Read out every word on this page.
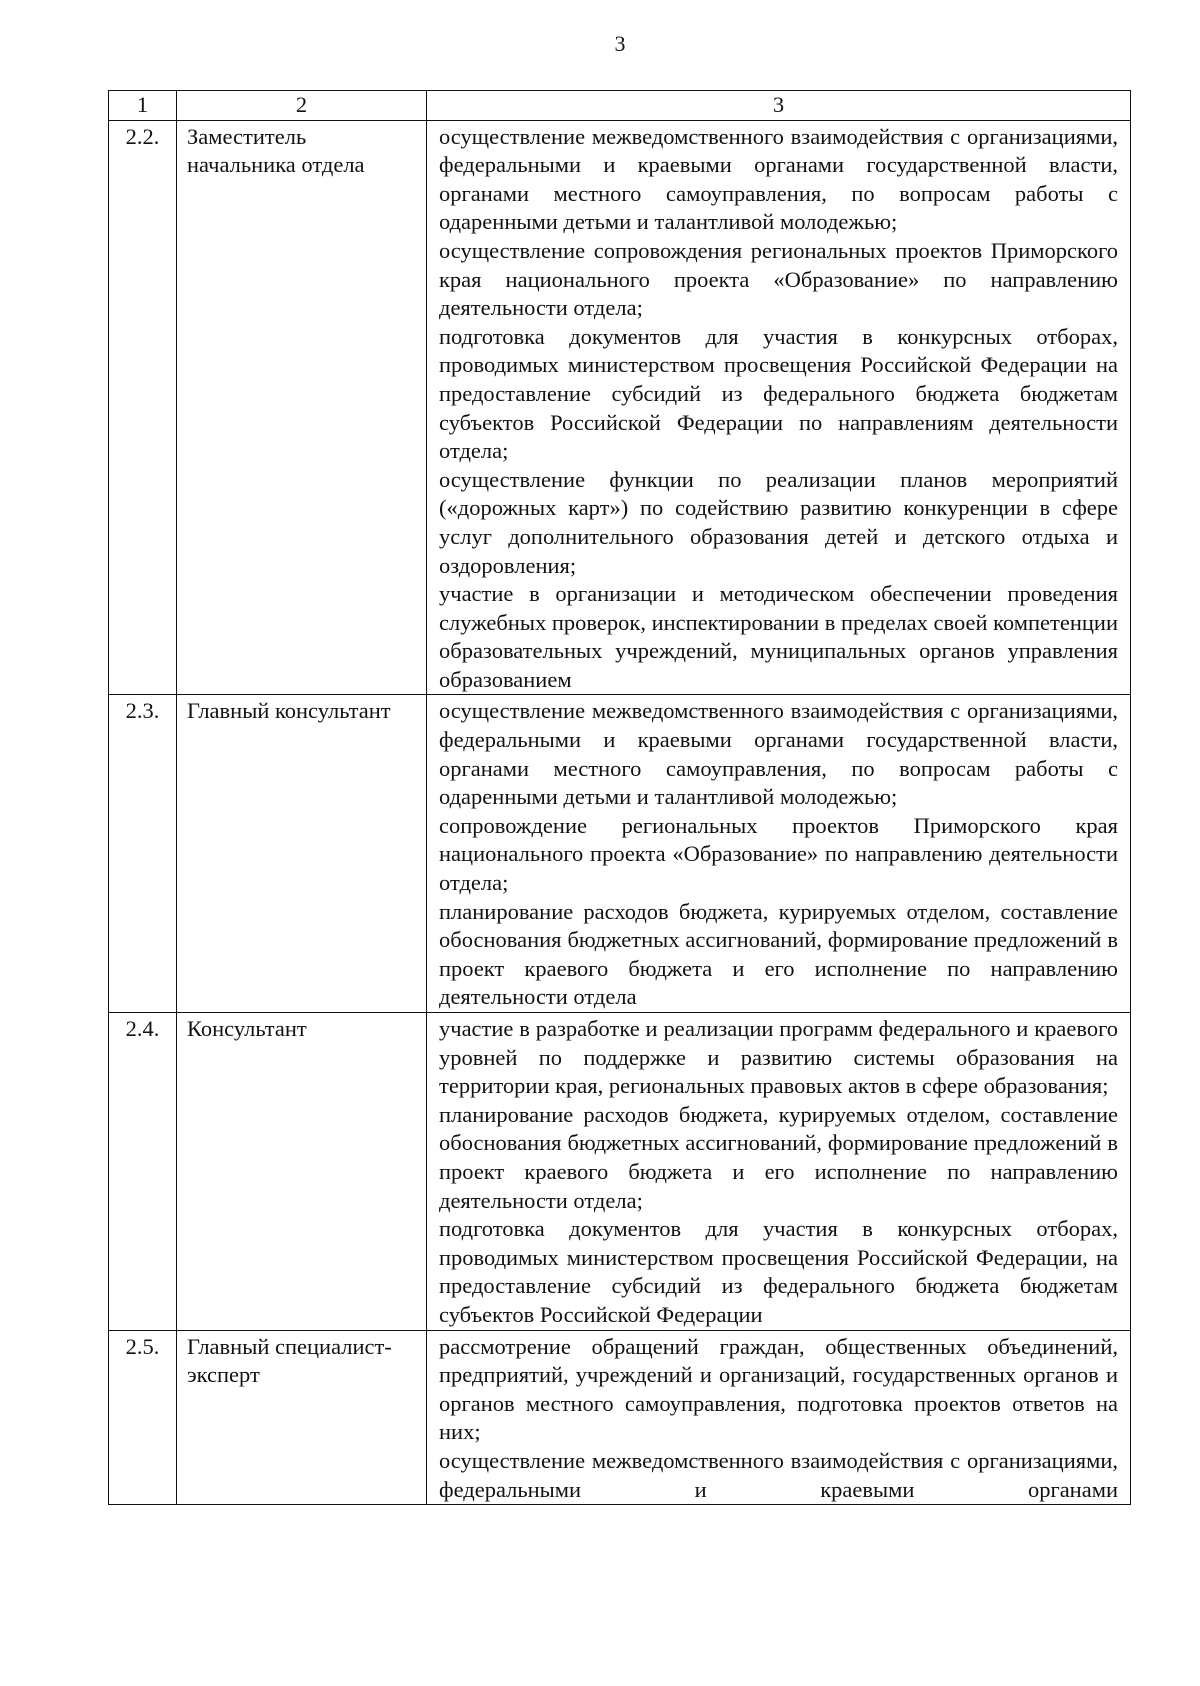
3
1	2	3
2.2.	Заместитель начальника отдела	осуществление межведомственного взаимодействия с организациями, федеральными и краевыми органами государственной власти, органами местного самоуправления, по вопросам работы с одаренными детьми и талантливой молодежью;
осуществление сопровождения региональных проектов Приморского края национального проекта «Образование» по направлению деятельности отдела;
подготовка документов для участия в конкурсных отборах, проводимых министерством просвещения Российской Федерации на предоставление субсидий из федерального бюджета бюджетам субъектов Российской Федерации по направлениям деятельности отдела;
осуществление функции по реализации планов мероприятий («дорожных карт») по содействию развитию конкуренции в сфере услуг дополнительного образования детей и детского отдыха и оздоровления;
участие в организации и методическом обеспечении проведения служебных проверок, инспектировании в пределах своей компетенции образовательных учреждений, муниципальных органов управления образованием

2.3.	Главный консультант	осуществление межведомственного взаимодействия с организациями, федеральными и краевыми органами государственной власти, органами местного самоуправления, по вопросам работы с одаренными детьми и талантливой молодежью;
сопровождение региональных проектов Приморского края национального проекта «Образование» по направлению деятельности отдела;
планирование расходов бюджета, курируемых отделом, составление обоснования бюджетных ассигнований, формирование предложений в проект краевого бюджета и его исполнение по направлению деятельности отдела

2.4.	Консультант	участие в разработке и реализации программ федерального и краевого уровней по поддержке и развитию системы образования на территории края, региональных правовых актов в сфере образования;
планирование расходов бюджета, курируемых отделом, составление обоснования бюджетных ассигнований, формирование предложений в проект краевого бюджета и его исполнение по направлению деятельности отдела;
подготовка документов для участия в конкурсных отборах, проводимых министерством просвещения Российской Федерации, на предоставление субсидий из федерального бюджета бюджетам субъектов Российской Федерации

2.5.	Главный специалист-эксперт	рассмотрение обращений граждан, общественных объединений, предприятий, учреждений и организаций, государственных органов и органов местного самоуправления, подготовка проектов ответов на них;
осуществление межведомственного взаимодействия с организациями, федеральными и краевыми органами
